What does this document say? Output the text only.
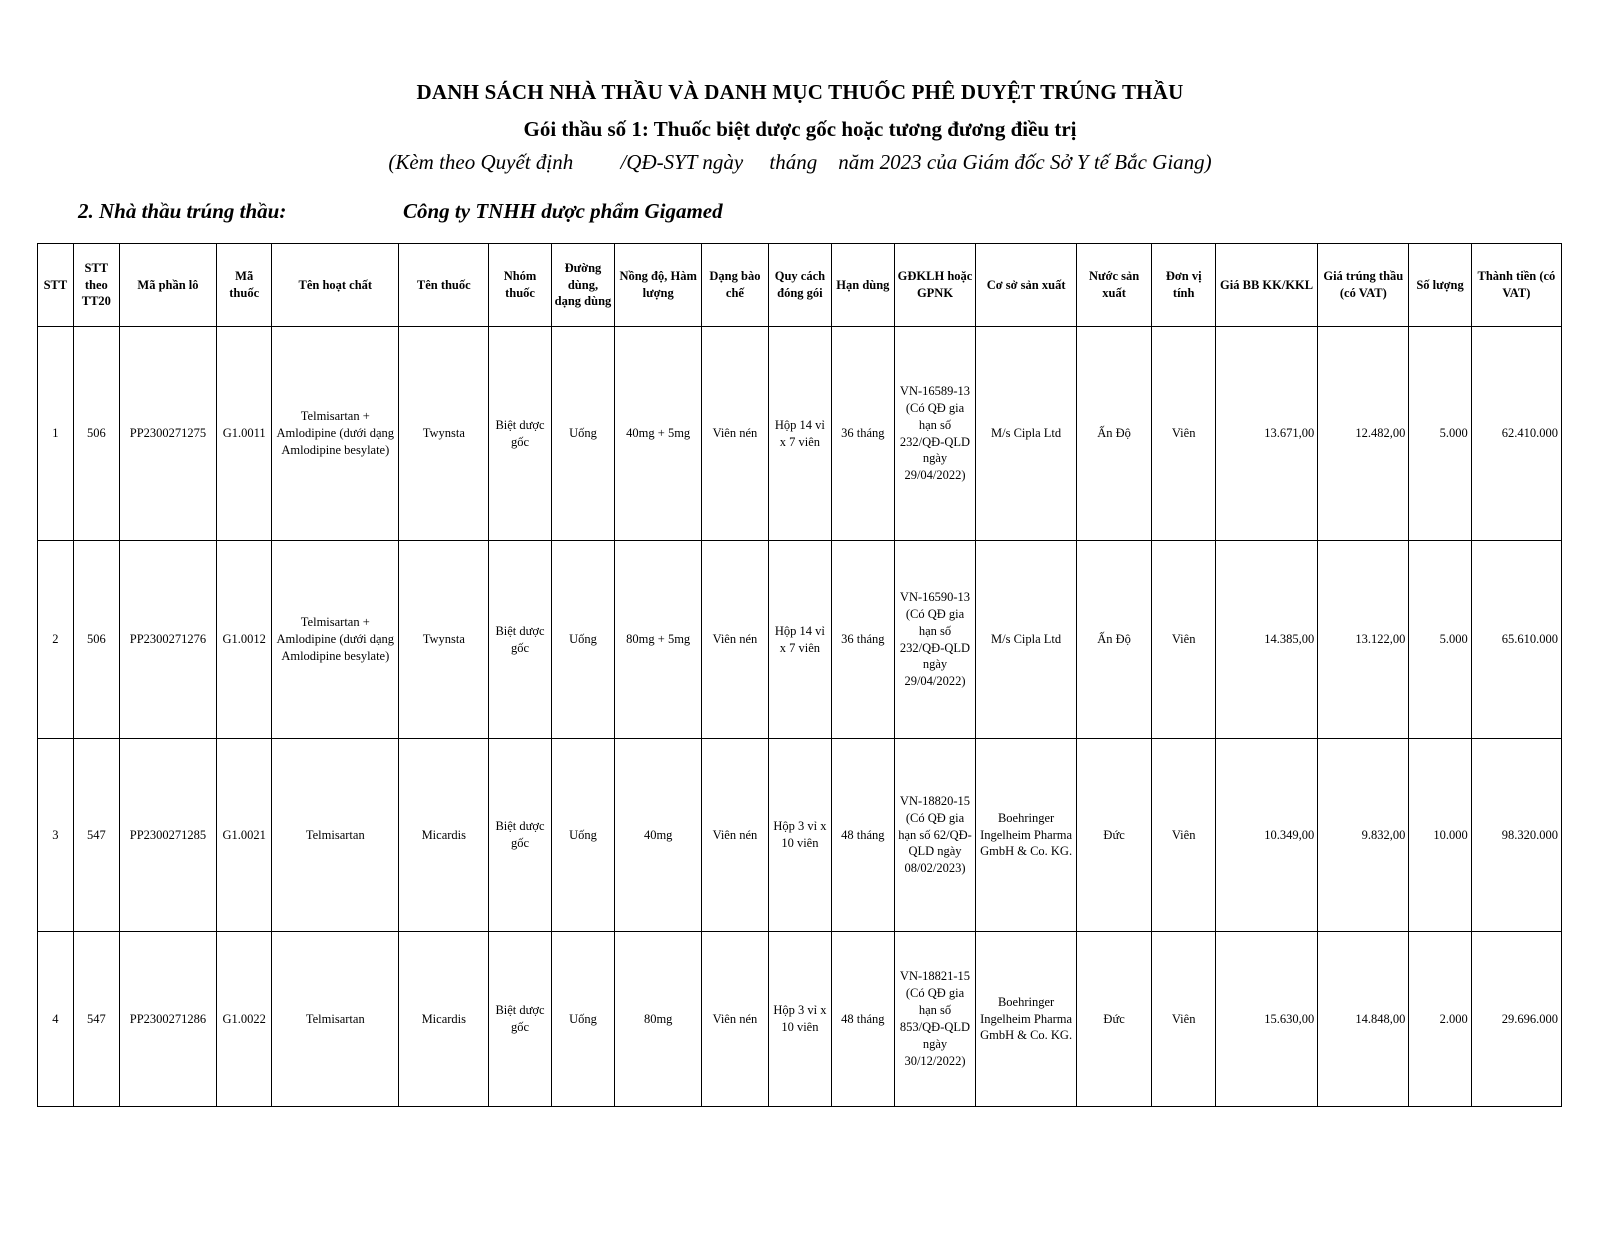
DANH SÁCH NHÀ THẦU VÀ DANH MỤC THUỐC PHÊ DUYỆT TRÚNG THẦU
Gói thầu số 1: Thuốc biệt dược gốc hoặc tương đương điều trị
(Kèm theo Quyết định         /QĐ-SYT ngày     tháng    năm 2023 của Giám đốc Sở Y tế Bắc Giang)
2. Nhà thầu trúng thầu:	Công ty TNHH dược phẩm Gigamed
STT	STT theo TT20	Mã phần lô	Mã thuốc	Tên hoạt chất	Tên thuốc	Nhóm thuốc	Đường dùng, dạng dùng	Nồng độ, Hàm lượng	Dạng bào chế	Quy cách đóng gói	Hạn dùng	GĐKLH hoặc GPNK	Cơ sở sản xuất	Nước sản xuất	Đơn vị tính	Giá BB KK/KKL	Giá trúng thầu (có VAT)	Số lượng	Thành tiền (có VAT)
1	506	PP2300271275	G1.0011	Telmisartan + Amlodipine (dưới dạng Amlodipine besylate)	Twynsta	Biệt dược gốc	Uống	40mg + 5mg	Viên nén	Hộp 14 vỉ x 7 viên	36 tháng	VN-16589-13 (Có QĐ gia hạn số 232/QĐ-QLD ngày 29/04/2022)	M/s Cipla Ltd	Ấn Độ	Viên	13.671,00	12.482,00	5.000	62.410.000
2	506	PP2300271276	G1.0012	Telmisartan + Amlodipine (dưới dạng Amlodipine besylate)	Twynsta	Biệt dược gốc	Uống	80mg + 5mg	Viên nén	Hộp 14 vỉ x 7 viên	36 tháng	VN-16590-13 (Có QĐ gia hạn số 232/QĐ-QLD ngày 29/04/2022)	M/s Cipla Ltd	Ấn Độ	Viên	14.385,00	13.122,00	5.000	65.610.000
3	547	PP2300271285	G1.0021	Telmisartan	Micardis	Biệt dược gốc	Uống	40mg	Viên nén	Hộp 3 vỉ x 10 viên	48 tháng	VN-18820-15 (Có QĐ gia hạn số 62/QĐ-QLD ngày 08/02/2023)	Boehringer Ingelheim Pharma GmbH & Co. KG.	Đức	Viên	10.349,00	9.832,00	10.000	98.320.000
4	547	PP2300271286	G1.0022	Telmisartan	Micardis	Biệt dược gốc	Uống	80mg	Viên nén	Hộp 3 vỉ x 10 viên	48 tháng	VN-18821-15 (Có QĐ gia hạn số 853/QĐ-QLD ngày 30/12/2022)	Boehringer Ingelheim Pharma GmbH & Co. KG.	Đức	Viên	15.630,00	14.848,00	2.000	29.696.000
